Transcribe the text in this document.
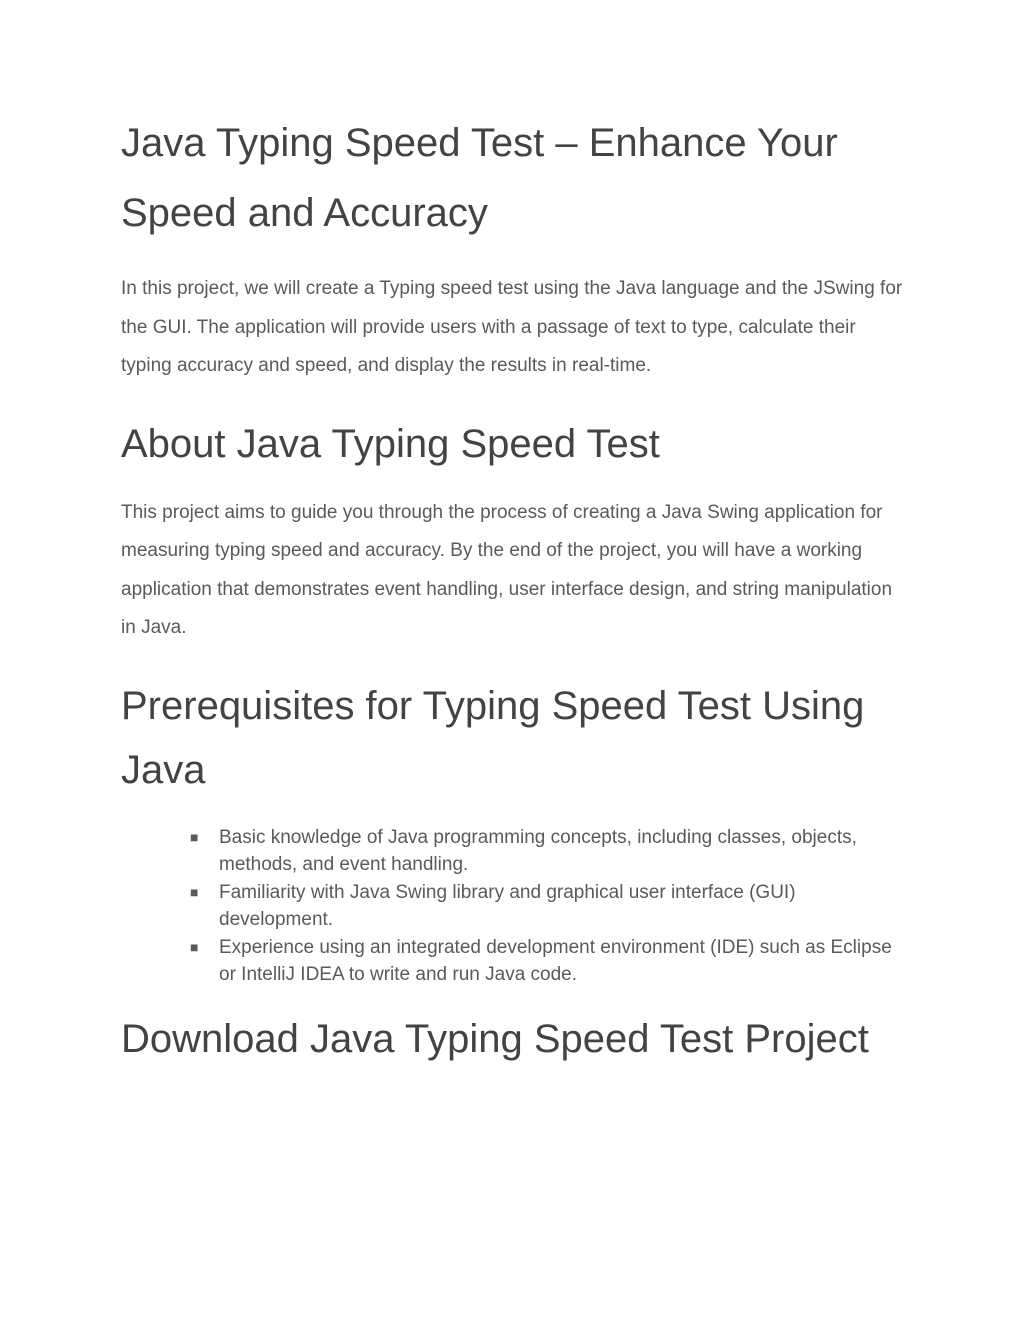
Java Typing Speed Test – Enhance Your Speed and Accuracy

In this project, we will create a Typing speed test using the Java language and the JSwing for the GUI. The application will provide users with a passage of text to type, calculate their typing accuracy and speed, and display the results in real-time.

About Java Typing Speed Test

This project aims to guide you through the process of creating a Java Swing application for measuring typing speed and accuracy. By the end of the project, you will have a working application that demonstrates event handling, user interface design, and string manipulation in Java.

Prerequisites for Typing Speed Test Using Java
■ Basic knowledge of Java programming concepts, including classes, objects, methods, and event handling.
■ Familiarity with Java Swing library and graphical user interface (GUI) development.
■ Experience using an integrated development environment (IDE) such as Eclipse or IntelliJ IDEA to write and run Java code.
Download Java Typing Speed Test Project
